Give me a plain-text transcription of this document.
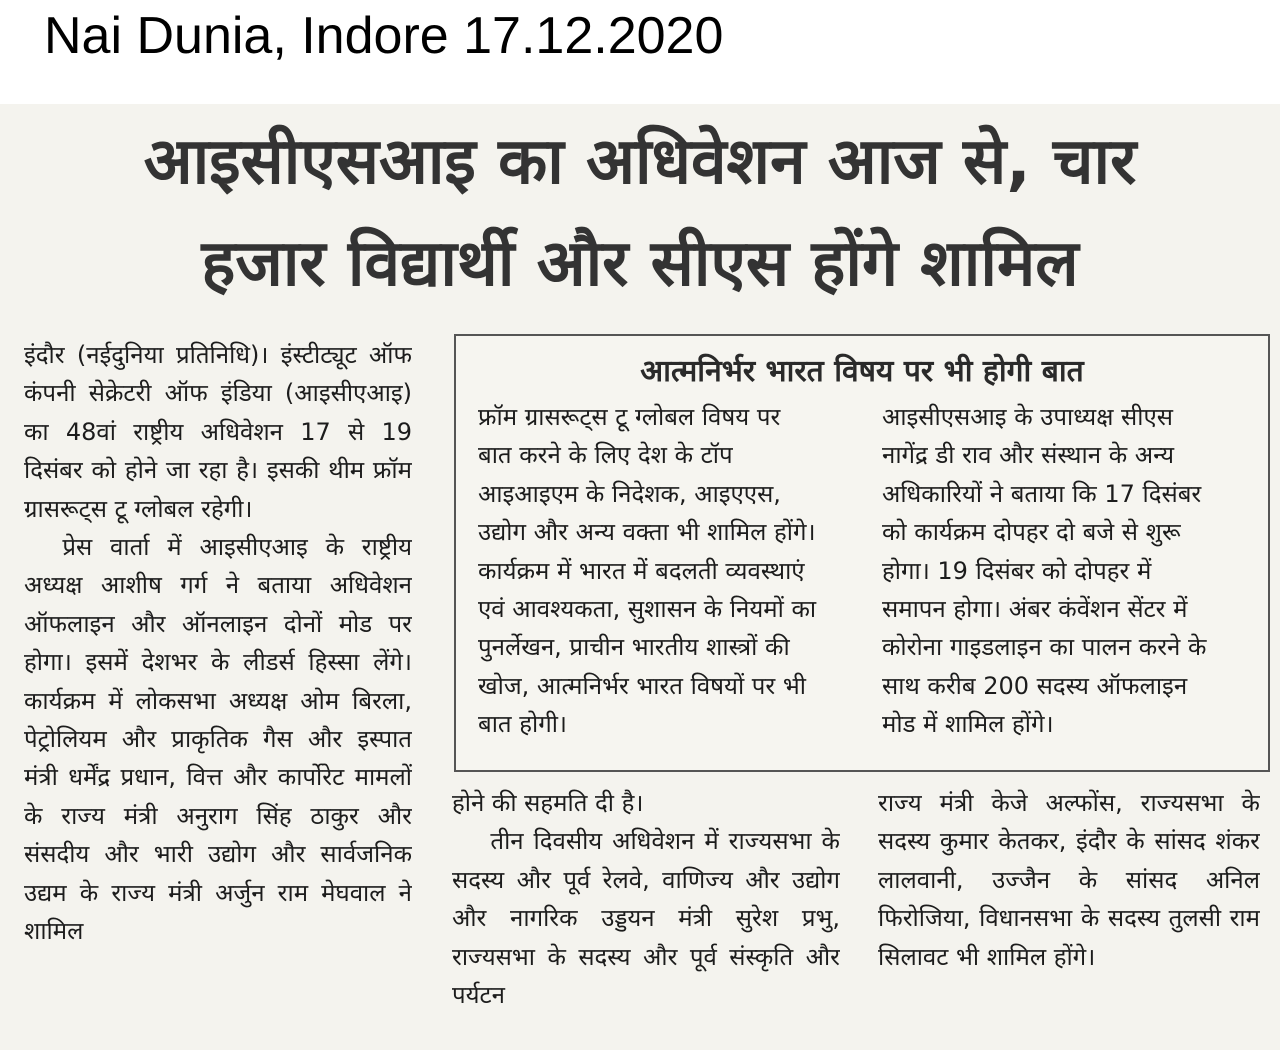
Nai Dunia, Indore 17.12.2020
आइसीएसआइ का अधिवेशन आज से, चार
हजार विद्यार्थी और सीएस होंगे शामिल

इंदौर (नईदुनिया प्रतिनिधि)। इंस्टीट्यूट ऑफ कंपनी सेक्रेटरी ऑफ इंडिया (आइसीएआइ) का 48वां राष्ट्रीय अधिवेशन 17 से 19 दिसंबर को होने जा रहा है। इसकी थीम फ्रॉम ग्रासरूट्स टू ग्लोबल रहेगी।

प्रेस वार्ता में आइसीएआइ के राष्ट्रीय अध्यक्ष आशीष गर्ग ने बताया अधिवेशन ऑफलाइन और ऑनलाइन दोनों मोड पर होगा। इसमें देशभर के लीडर्स हिस्सा लेंगे। कार्यक्रम में लोकसभा अध्यक्ष ओम बिरला, पेट्रोलियम और प्राकृतिक गैस और इस्पात मंत्री धर्मेंद्र प्रधान, वित्त और कार्पोरेट मामलों के राज्य मंत्री अनुराग सिंह ठाकुर और संसदीय और भारी उद्योग और सार्वजनिक उद्यम के राज्य मंत्री अर्जुन राम मेघवाल ने शामिल

आत्मनिर्भर भारत विषय पर भी होगी बात

फ्रॉम ग्रासरूट्स टू ग्लोबल विषय पर बात करने के लिए देश के टॉप आइआइएम के निदेशक, आइएएस, उद्योग और अन्य वक्ता भी शामिल होंगे। कार्यक्रम में भारत में बदलती व्यवस्थाएं एवं आवश्यकता, सुशासन के नियमों का पुनर्लेखन, प्राचीन भारतीय शास्त्रों की खोज, आत्मनिर्भर भारत विषयों पर भी बात होगी।

आइसीएसआइ के उपाध्यक्ष सीएस नागेंद्र डी राव और संस्थान के अन्य अधिकारियों ने बताया कि 17 दिसंबर को कार्यक्रम दोपहर दो बजे से शुरू होगा। 19 दिसंबर को दोपहर में समापन होगा। अंबर कंवेंशन सेंटर में कोरोना गाइडलाइन का पालन करने के साथ करीब 200 सदस्य ऑफलाइन मोड में शामिल होंगे।

होने की सहमति दी है।

तीन दिवसीय अधिवेशन में राज्यसभा के सदस्य और पूर्व रेलवे, वाणिज्य और उद्योग और नागरिक उड्डयन मंत्री सुरेश प्रभु, राज्यसभा के सदस्य और पूर्व संस्कृति और पर्यटन

राज्य मंत्री केजे अल्फोंस, राज्यसभा के सदस्य कुमार केतकर, इंदौर के सांसद शंकर लालवानी, उज्जैन के सांसद अनिल फिरोजिया, विधानसभा के सदस्य तुलसी राम सिलावट भी शामिल होंगे।
